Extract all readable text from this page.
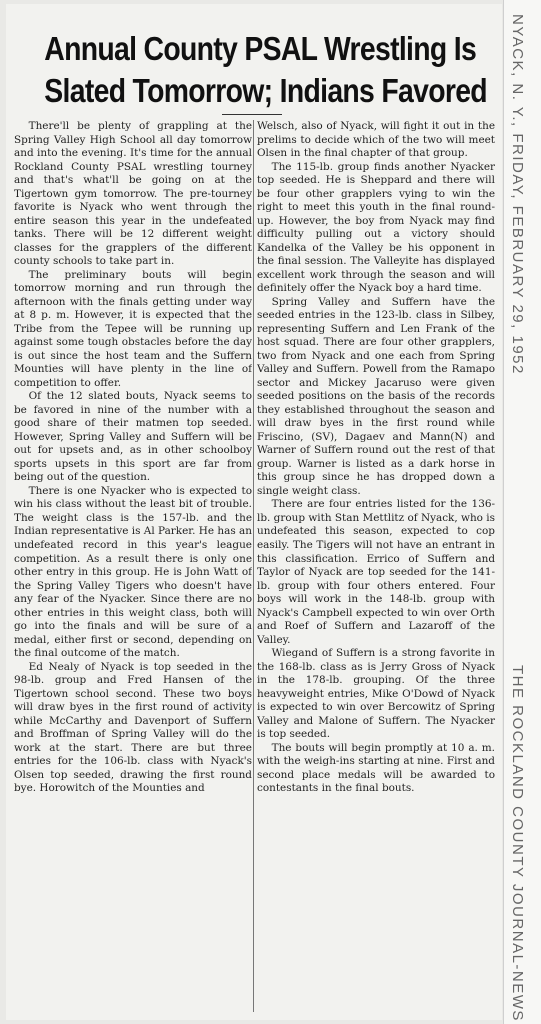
Annual County PSAL Wrestling Is
Slated Tomorrow; Indians Favored

There'll be plenty of grappling at the Spring Valley High School all day tomorrow and into the evening. It's time for the annual Rockland County PSAL wrestling tourney and that's what'll be going on at the Tigertown gym tomorrow. The pre-tourney favorite is Nyack who went through the entire season this year in the undefeated tanks. There will be 12 different weight classes for the grapplers of the different county schools to take part in.

The preliminary bouts will begin tomorrow morning and run through the afternoon with the finals getting under way at 8 p. m. However, it is expected that the Tribe from the Tepee will be running up against some tough obstacles before the day is out since the host team and the Suffern Mounties will have plenty in the line of competition to offer.

Of the 12 slated bouts, Nyack seems to be favored in nine of the number with a good share of their matmen top seeded. However, Spring Valley and Suffern will be out for upsets and, as in other schoolboy sports upsets in this sport are far from being out of the question.

There is one Nyacker who is expected to win his class without the least bit of trouble. The weight class is the 157-lb. and the Indian representative is Al Parker. He has an undefeated record in this year's league competition. As a result there is only one other entry in this group. He is John Watt of the Spring Valley Tigers who doesn't have any fear of the Nyacker. Since there are no other entries in this weight class, both will go into the finals and will be sure of a medal, either first or second, depending on the final outcome of the match.

Ed Nealy of Nyack is top seeded in the 98-lb. group and Fred Hansen of the Tigertown school second. These two boys will draw byes in the first round of activity while McCarthy and Davenport of Suffern and Broffman of Spring Valley will do the work at the start. There are but three entries for the 106-lb. class with Nyack's Olsen top seeded, drawing the first round bye. Horowitch of the Mounties and

Welsch, also of Nyack, will fight it out in the prelims to decide which of the two will meet Olsen in the final chapter of that group.

The 115-lb. group finds another Nyacker top seeded. He is Sheppard and there will be four other grapplers vying to win the right to meet this youth in the final round-up. However, the boy from Nyack may find difficulty pulling out a victory should Kandelka of the Valley be his opponent in the final session. The Valleyite has displayed excellent work through the season and will definitely offer the Nyack boy a hard time.

Spring Valley and Suffern have the seeded entries in the 123-lb. class in Silbey, representing Suffern and Len Frank of the host squad. There are four other grapplers, two from Nyack and one each from Spring Valley and Suffern. Powell from the Ramapo sector and Mickey Jacaruso were given seeded positions on the basis of the records they established throughout the season and will draw byes in the first round while Friscino, (SV), Dagaev and Mann(N) and Warner of Suffern round out the rest of that group. Warner is listed as a dark horse in this group since he has dropped down a single weight class.

There are four entries listed for the 136-lb. group with Stan Mettlitz of Nyack, who is undefeated this season, expected to cop easily. The Tigers will not have an entrant in this classification. Errico of Suffern and Taylor of Nyack are top seeded for the 141-lb. group with four others entered. Four boys will work in the 148-lb. group with Nyack's Campbell expected to win over Orth and Roef of Suffern and Lazaroff of the Valley.

Wiegand of Suffern is a strong favorite in the 168-lb. class as is Jerry Gross of Nyack in the 178-lb. grouping. Of the three heavyweight entries, Mike O'Dowd of Nyack is expected to win over Bercowitz of Spring Valley and Malone of Suffern. The Nyacker is top seeded.

The bouts will begin promptly at 10 a. m. with the weigh-ins starting at nine. First and second place medals will be awarded to contestants in the final bouts.

NYACK, N. Y., FRIDAY, FEBRUARY 29, 1952
THE ROCKLAND COUNTY JOURNAL-NEWS
